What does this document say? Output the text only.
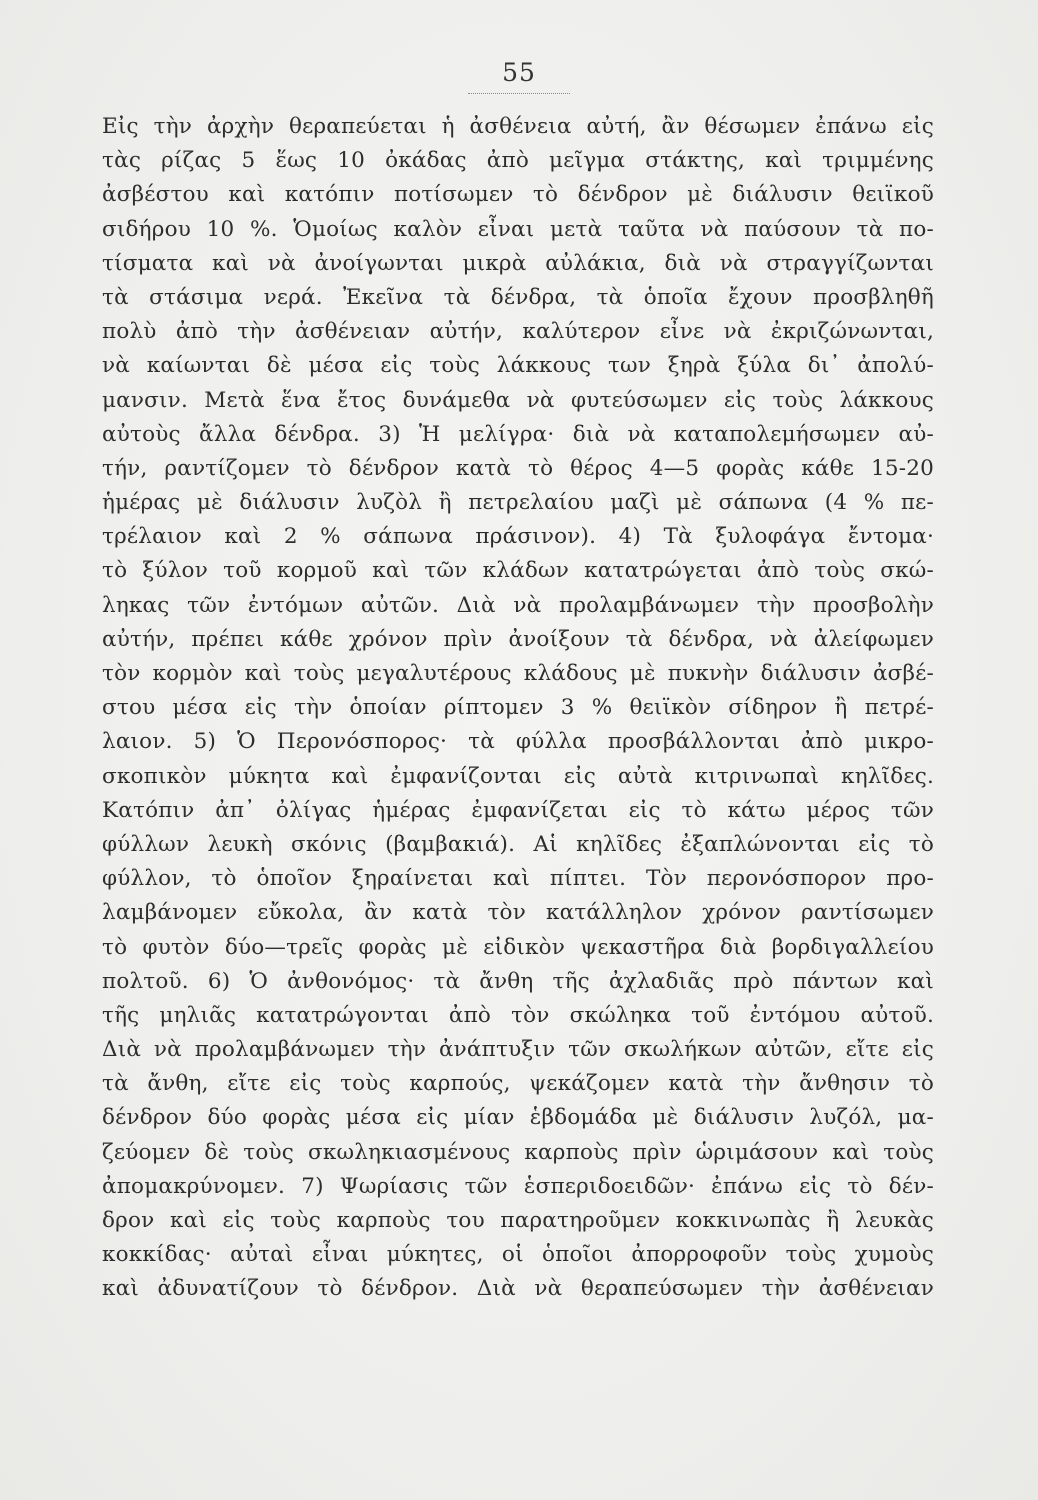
55
Εἰς τὴν ἀρχὴν θεραπεύεται ἡ ἀσθένεια αὐτή, ἂν θέσωμεν ἐπάνω εἰς
τὰς ρίζας 5 ἕως 10 ὀκάδας ἀπὸ μεῖγμα στάκτης, καὶ τριμμένης
ἀσβέστου καὶ κατόπιν ποτίσωμεν τὸ δένδρον μὲ διάλυσιν θειϊκοῦ
σιδήρου 10 %. Ὁμοίως καλὸν εἶναι μετὰ ταῦτα νὰ παύσουν τὰ πο-
τίσματα καὶ νὰ ἀνοίγωνται μικρὰ αὐλάκια, διὰ νὰ στραγγίζωνται
τὰ στάσιμα νερά. Ἐκεῖνα τὰ δένδρα, τὰ ὁποῖα ἔχουν προσβληθῆ
πολὺ ἀπὸ τὴν ἀσθένειαν αὐτήν, καλύτερον εἶνε νὰ ἐκριζώνωνται,
νὰ καίωνται δὲ μέσα εἰς τοὺς λάκκους των ξηρὰ ξύλα δι᾽ ἀπολύ-
μανσιν. Μετὰ ἕνα ἔτος δυνάμεθα νὰ φυτεύσωμεν εἰς τοὺς λάκκους
αὐτοὺς ἄλλα δένδρα. 3) Ἡ μελίγρα· διὰ νὰ καταπολεμήσωμεν αὐ-
τήν, ραντίζομεν τὸ δένδρον κατὰ τὸ θέρος 4—5 φορὰς κάθε 15-20
ἡμέρας μὲ διάλυσιν λυζὸλ ἢ πετρελαίου μαζὶ μὲ σάπωνα (4 % πε-
τρέλαιον καὶ 2 % σάπωνα πράσινον). 4) Τὰ ξυλοφάγα ἔντομα·
τὸ ξύλον τοῦ κορμοῦ καὶ τῶν κλάδων κατατρώγεται ἀπὸ τοὺς σκώ-
ληκας τῶν ἐντόμων αὐτῶν. Διὰ νὰ προλαμβάνωμεν τὴν προσβολὴν
αὐτήν, πρέπει κάθε χρόνον πρὶν ἀνοίξουν τὰ δένδρα, νὰ ἀλείφωμεν
τὸν κορμὸν καὶ τοὺς μεγαλυτέρους κλάδους μὲ πυκνὴν διάλυσιν ἀσβέ-
στου μέσα εἰς τὴν ὁποίαν ρίπτομεν 3 % θειϊκὸν σίδηρον ἢ πετρέ-
λαιον. 5) Ὁ Περονόσπορος· τὰ φύλλα προσβάλλονται ἀπὸ μικρο-
σκοπικὸν μύκητα καὶ ἐμφανίζονται εἰς αὐτὰ κιτρινωπαὶ κηλῖδες.
Κατόπιν ἀπ᾽ ὀλίγας ἡμέρας ἐμφανίζεται εἰς τὸ κάτω μέρος τῶν
φύλλων λευκὴ σκόνις (βαμβακιά). Αἱ κηλῖδες ἐξαπλώνονται εἰς τὸ
φύλλον, τὸ ὁποῖον ξηραίνεται καὶ πίπτει. Τὸν περονόσπορον προ-
λαμβάνομεν εὔκολα, ἂν κατὰ τὸν κατάλληλον χρόνον ραντίσωμεν
τὸ φυτὸν δύο—τρεῖς φορὰς μὲ εἰδικὸν ψεκαστῆρα διὰ βορδιγαλλείου
πολτοῦ. 6) Ὁ ἀνθονόμος· τὰ ἄνθη τῆς ἀχλαδιᾶς πρὸ πάντων καὶ
τῆς μηλιᾶς κατατρώγονται ἀπὸ τὸν σκώληκα τοῦ ἐντόμου αὐτοῦ.
Διὰ νὰ προλαμβάνωμεν τὴν ἀνάπτυξιν τῶν σκωλήκων αὐτῶν, εἴτε εἰς
τὰ ἄνθη, εἴτε εἰς τοὺς καρπούς, ψεκάζομεν κατὰ τὴν ἄνθησιν τὸ
δένδρον δύο φορὰς μέσα εἰς μίαν ἑβδομάδα μὲ διάλυσιν λυζόλ, μα-
ζεύομεν δὲ τοὺς σκωληκιασμένους καρποὺς πρὶν ὡριμάσουν καὶ τοὺς
ἀπομακρύνομεν. 7) Ψωρίασις τῶν ἑσπεριδοειδῶν· ἐπάνω εἰς τὸ δέν-
δρον καὶ εἰς τοὺς καρποὺς του παρατηροῦμεν κοκκινωπὰς ἢ λευκὰς
κοκκίδας· αὐταὶ εἶναι μύκητες, οἱ ὁποῖοι ἀπορροφοῦν τοὺς χυμοὺς
καὶ ἀδυνατίζουν τὸ δένδρον. Διὰ νὰ θεραπεύσωμεν τὴν ἀσθένειαν
